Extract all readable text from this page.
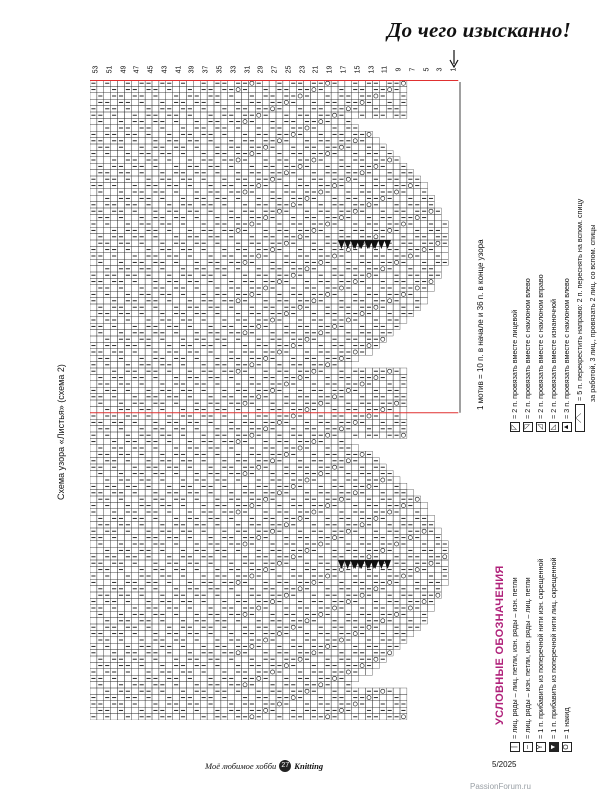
До чего изысканно!
53 51 49 47 45 43 41 39 37 35 33 31 29 27 25 23 21 19 17 15 13 11 9 7 5 3 1
Схема узора «Листья» (схема 2)
1 мотив = 10 п. в начале и 36 п. в конце узора
УСЛОВНЫЕ ОБОЗНАЧЕНИЯ
|
= лиц. ряды – лиц. петли, изн. ряды – изн. петли
–
= лиц. ряды – изн. петли, изн. ряды – лиц. петли
Y
= 1 п. прибавить из поперечной нити изн. скрещенной
▼
= 1 п. прибавить из поперечной нити лиц. скрещенной
O
= 1 накид
◸
= 2 п. провязать вместе лицевой
◹
= 2 п. провязать вместе с наклоном влево
◿
= 2 п. провязать вместе с наклоном вправо
◺
= 2 п. провязать вместе изнаночной
▲
= 3 п. провязать вместе с наклоном влево ⟋⟍
= 5 п. перекрестить направо: 2 п. переснять на вспом. спицу за работой, 3 лиц., провязать 2 лиц. со вспом. спицы
Моё любимое хобби 27 Knitting	5/2025
PassionForum.ru
